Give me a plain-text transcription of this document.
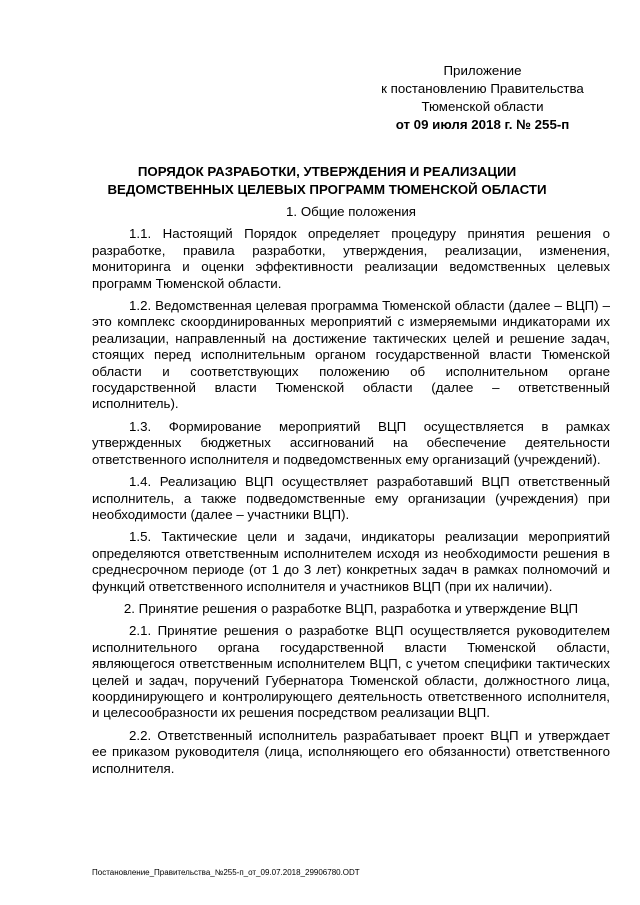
Приложение
к постановлению Правительства
Тюменской области
от 09 июля 2018 г. № 255-п
ПОРЯДОК РАЗРАБОТКИ, УТВЕРЖДЕНИЯ И РЕАЛИЗАЦИИ
ВЕДОМСТВЕННЫХ ЦЕЛЕВЫХ ПРОГРАММ ТЮМЕНСКОЙ ОБЛАСТИ

1. Общие положения

1.1. Настоящий Порядок определяет процедуру принятия решения о разработке, правила разработки, утверждения, реализации, изменения, мониторинга и оценки эффективности реализации ведомственных целевых программ Тюменской области.

1.2. Ведомственная целевая программа Тюменской области (далее – ВЦП) – это комплекс скоординированных мероприятий с измеряемыми индикаторами их реализации, направленный на достижение тактических целей и решение задач, стоящих перед исполнительным органом государственной власти Тюменской области и соответствующих положению об исполнительном органе государственной власти Тюменской области (далее – ответственный исполнитель).

1.3. Формирование мероприятий ВЦП осуществляется в рамках утвержденных бюджетных ассигнований на обеспечение деятельности ответственного исполнителя и подведомственных ему организаций (учреждений).

1.4. Реализацию ВЦП осуществляет разработавший ВЦП ответственный исполнитель, а также подведомственные ему организации (учреждения) при необходимости (далее – участники ВЦП).

1.5. Тактические цели и задачи, индикаторы реализации мероприятий определяются ответственным исполнителем исходя из необходимости решения в среднесрочном периоде (от 1 до 3 лет) конкретных задач в рамках полномочий и функций ответственного исполнителя и участников ВЦП (при их наличии).

2. Принятие решения о разработке ВЦП, разработка и утверждение ВЦП

2.1. Принятие решения о разработке ВЦП осуществляется руководителем исполнительного органа государственной власти Тюменской области, являющегося ответственным исполнителем ВЦП, с учетом специфики тактических целей и задач, поручений Губернатора Тюменской области, должностного лица, координирующего и контролирующего деятельность ответственного исполнителя, и целесообразности их решения посредством реализации ВЦП.

2.2. Ответственный исполнитель разрабатывает проект ВЦП и утверждает ее приказом руководителя (лица, исполняющего его обязанности) ответственного исполнителя.

Постановление_Правительства_№255-п_от_09.07.2018_29906780.ODT
